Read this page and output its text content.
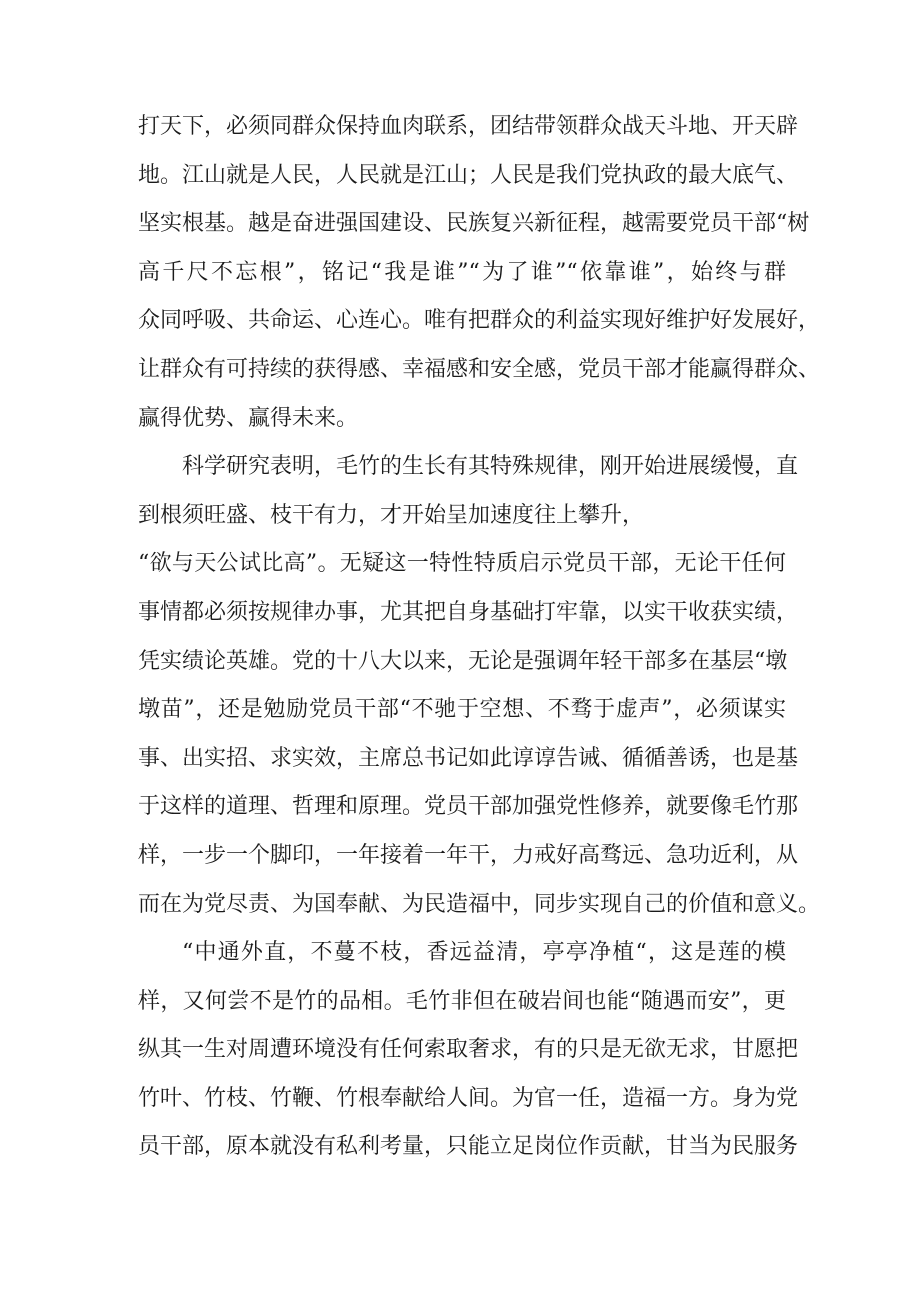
打天下，必须同群众保持血肉联系，团结带领群众战天斗地、开天辟
地。江山就是人民，人民就是江山；人民是我们党执政的最大底气、
坚实根基。越是奋进强国建设、民族复兴新征程，越需要党员干部“树
高千尺不忘根”，铭记“我是谁”“为了谁”“依靠谁”，始终与群
众同呼吸、共命运、心连心。唯有把群众的利益实现好维护好发展好，
让群众有可持续的获得感、幸福感和安全感，党员干部才能赢得群众、
赢得优势、赢得未来。
科学研究表明，毛竹的生长有其特殊规律，刚开始进展缓慢，直
到根须旺盛、枝干有力，才开始呈加速度往上攀升，
“欲与天公试比高”。无疑这一特性特质启示党员干部，无论干任何
事情都必须按规律办事，尤其把自身基础打牢靠，以实干收获实绩，
凭实绩论英雄。党的十八大以来，无论是强调年轻干部多在基层“墩
墩苗”，还是勉励党员干部“不驰于空想、不骛于虚声”，必须谋实
事、出实招、求实效，主席总书记如此谆谆告诫、循循善诱，也是基
于这样的道理、哲理和原理。党员干部加强党性修养，就要像毛竹那
样，一步一个脚印，一年接着一年干，力戒好高骛远、急功近利，从
而在为党尽责、为国奉献、为民造福中，同步实现自己的价值和意义。
“中通外直，不蔓不枝，香远益清，亭亭净植“，这是莲的模
样，又何尝不是竹的品相。毛竹非但在破岩间也能“随遇而安”，更
纵其一生对周遭环境没有任何索取奢求，有的只是无欲无求，甘愿把
竹叶、竹枝、竹鞭、竹根奉献给人间。为官一任，造福一方。身为党
员干部，原本就没有私利考量，只能立足岗位作贡献，甘当为民服务
